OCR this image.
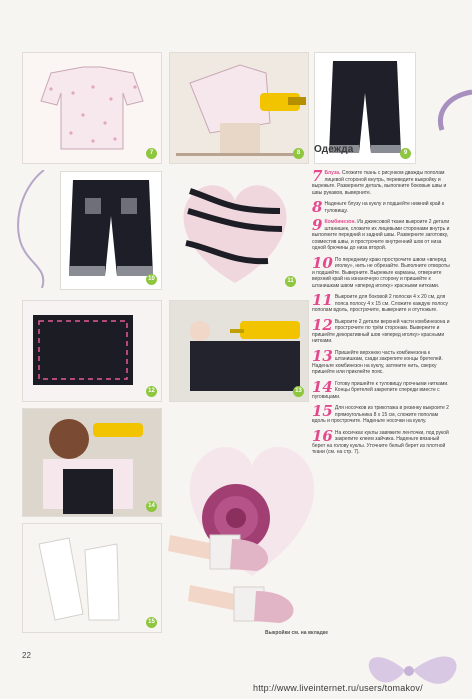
7	8	9
Одежда
10	11
12	13
14
15
7 Блуза. Сложите ткань с рисунком дважды пополам лицевой стороной внутрь, переведите выкройку и вырежьте. Разверните деталь, выполните боковые швы и швы рукавов, выверните.
8 Наденьте блузу на куклу и подшейте нижний край к туловищу.
9 Комбинезон. Из джинсовой ткани выкроите 2 детали штанишек, сложите их лицевыми сторонами внутрь и выполните передний и задний швы. Разверните заготовку, совместив швы, и прострочите внутренний шов от низа одной брючины до низа второй.
10 По переднему краю прострочите швом «вперед иголку», нить не обрезайте. Выполните отвороты и подшейте. Выверните. Вырежьте карманы, отверните верхний край на изнаночную сторону и пришейте к штанишкам швом «вперед иголку» красными нитками.
11 Выкроите для боковой 2 полоски 4 x 20 см, для пояса полосу 4 x 15 см. Сложите каждую полосу пополам вдоль, прострочите, выверните и отутюжьте.
12 Выкроите 2 детали верхней части комбинезона и прострочите по трём сторонам. Выверните и пришейте декоративный шов «вперед иголку» красными нитками.
13 Пришейте верхнюю часть комбинезона к штанишкам, сзади закрепите концы бретелей. Наденьте комбинезон на куклу, затяните нить, сверху пришейте или приклейте пояс.
14 Готову пришейте к туловищу прочными нитками. Концы бретелей закрепите спереди вместе с пуговицами.
15 Для носочков из трикотажа в резинку выкроите 2 прямоугольника 8 x 15 см, сложите пополам вдоль и прострочите. Наденьте носочки на куклу.
16 На косичках куклы завяжите ленточки, под рукой закрепите клеем зайчика. Наденьте вязаный берет на голову куклы. Уточните белый берет из плотной ткани (см. на стр. 7).
Выкройки см. на вкладке
22
http://www.liveinternet.ru/users/tomakov/
